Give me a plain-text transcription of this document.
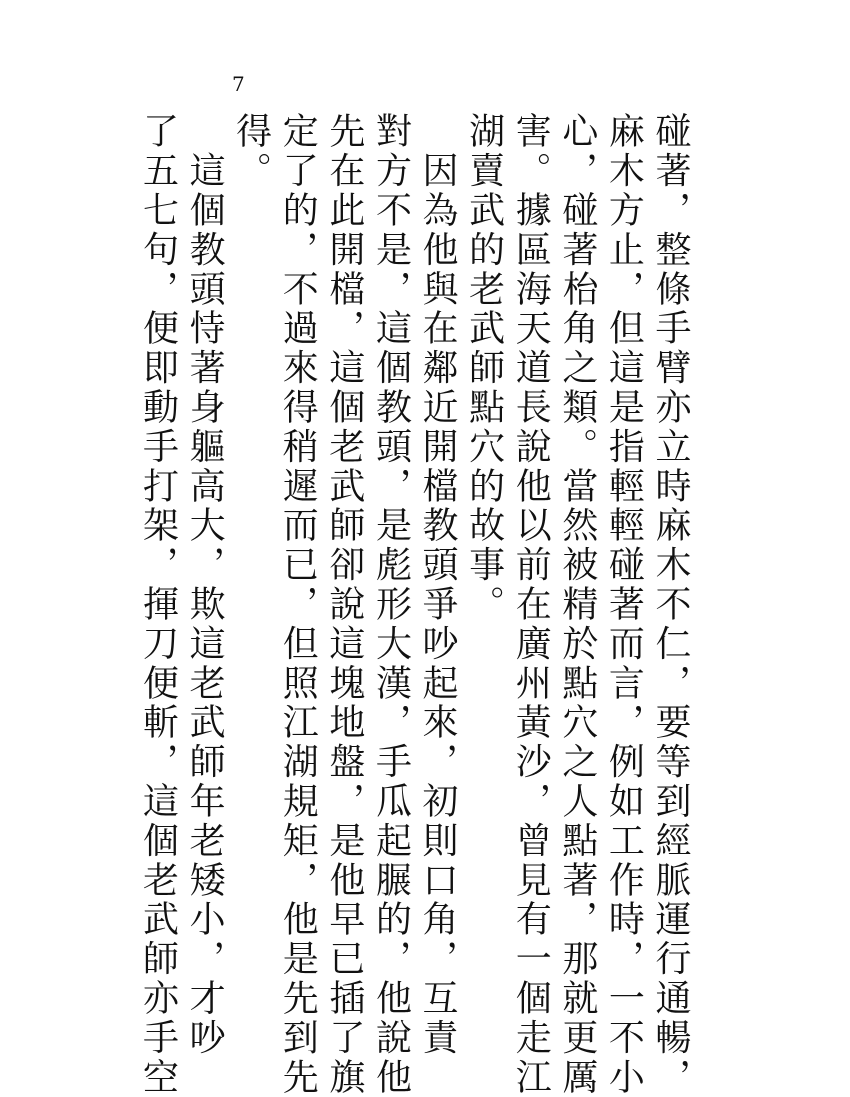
7
碰著，整條手臂亦立時麻木不仁，要等到經脈運行通暢，
麻木方止，但這是指輕輕碰著而言，例如工作時，一不小
心，碰著枱角之類。當然被精於點穴之人點著，那就更厲
害。據區海天道長說他以前在廣州黃沙，曾見有一個走江
湖賣武的老武師點穴的故事。
　因為他與在鄰近開檔教頭爭吵起來，初則口角，互責
對方不是，這個教頭，是彪形大漢，手瓜起𦟌的，他說他
先在此開檔，這個老武師卻說這塊地盤，是他早已插了旗
定了的，不過來得稍遲而已，但照江湖規矩，他是先到先
得。
　這個教頭恃著身軀高大，欺這老武師年老矮小，才吵
了五七句，便即動手打架，揮刀便斬，這個老武師亦手空
